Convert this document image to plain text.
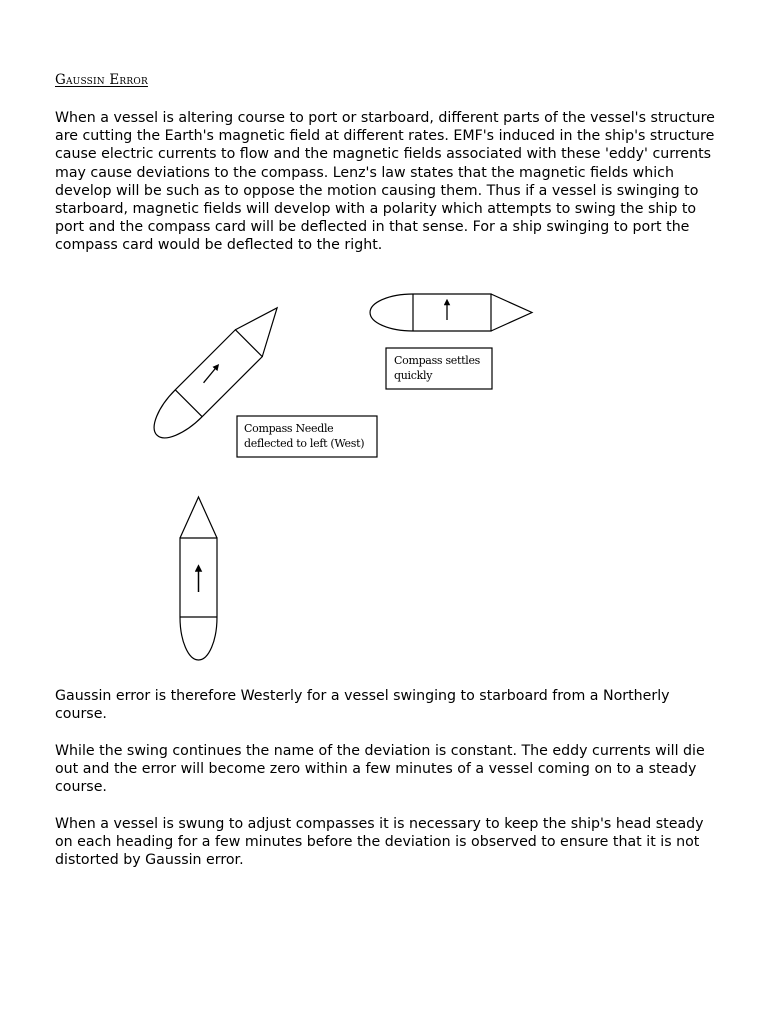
Gaussin Error

When a vessel is altering course to port or starboard, different parts of the vessel's structure are cutting the Earth's magnetic field at different rates. EMF's induced in the ship's structure cause electric currents to flow and the magnetic fields associated with these 'eddy' currents may cause deviations to the compass. Lenz's law states that the magnetic fields which develop will be such as to oppose the motion causing them. Thus if a vessel is swinging to starboard, magnetic fields will develop with a polarity which attempts to swing the ship to port and the compass card will be deflected in that sense. For a ship swinging to port the compass card would be deflected to the right.

Compass settles
quickly
Compass Needle
deflected to left (West)

Gaussin error is therefore Westerly for a vessel swinging to starboard from a Northerly course.

While the swing continues the name of the deviation is constant. The eddy currents will die out and the error will become zero within a few minutes of a vessel coming on to a steady course.

When a vessel is swung to adjust compasses it is necessary to keep the ship's head steady on each heading for a few minutes before the deviation is observed to ensure that it is not distorted by Gaussin error.
